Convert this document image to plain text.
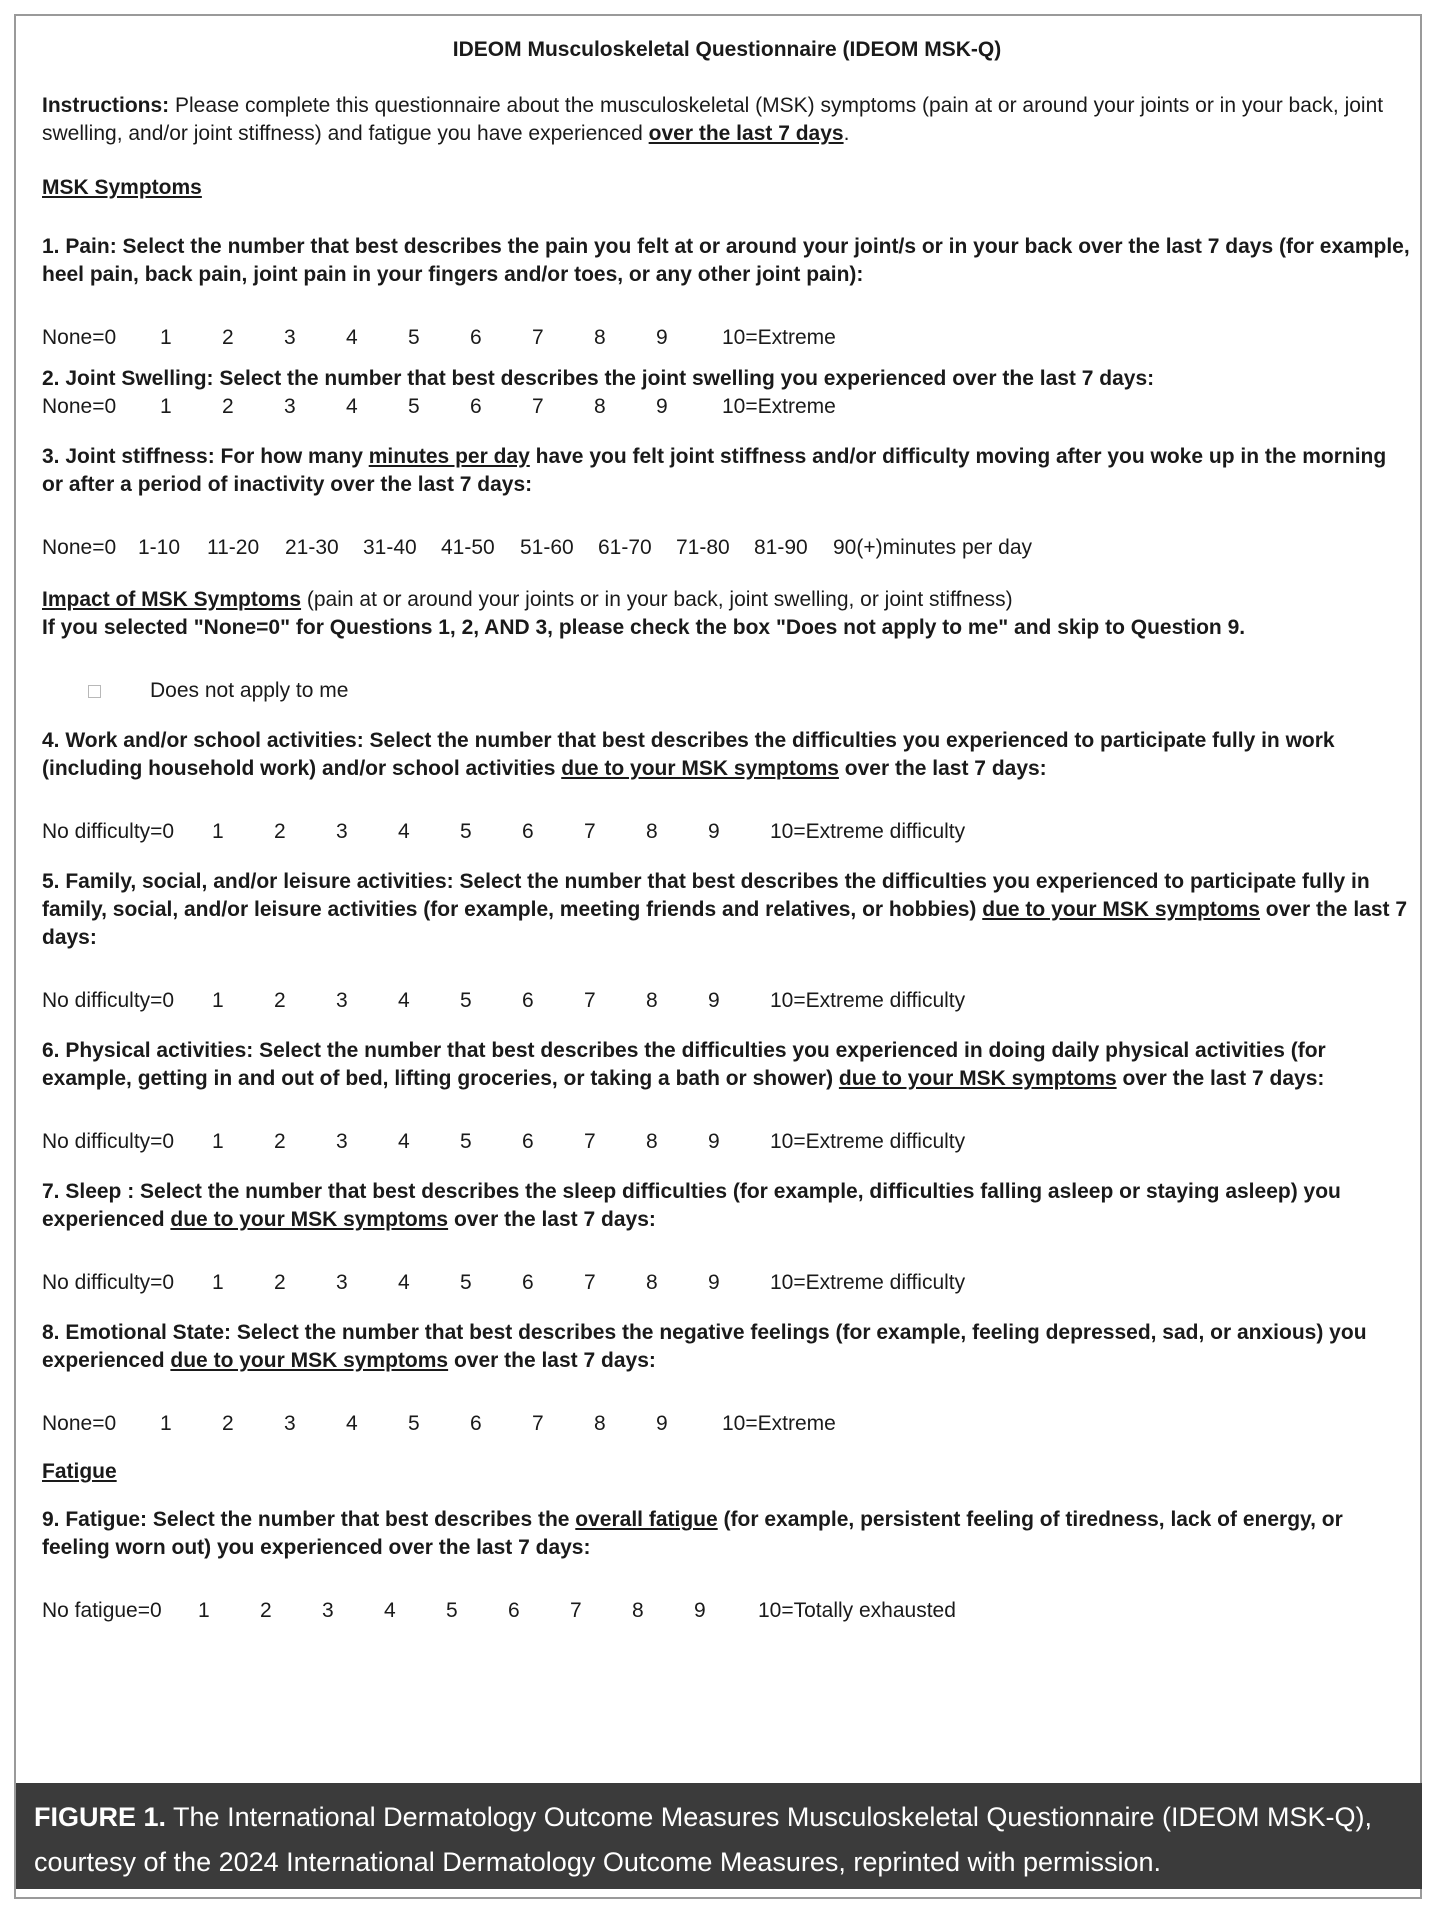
IDEOM Musculoskeletal Questionnaire (IDEOM MSK-Q)

Instructions: Please complete this questionnaire about the musculoskeletal (MSK) symptoms (pain at or around your joints or in your back, joint swelling, and/or joint stiffness) and fatigue you have experienced over the last 7 days.

MSK Symptoms

1. Pain: Select the number that best describes the pain you felt at or around your joint/s or in your back over the last 7 days (for example, heel pain, back pain, joint pain in your fingers and/or toes, or any other joint pain):

None=0 1 2 3 4 5 6 7 8 9	10=Extreme

2. Joint Swelling: Select the number that best describes the joint swelling you experienced over the last 7 days:

None=0 1 2 3 4 5 6 7 8 9	10=Extreme

3. Joint stiffness: For how many minutes per day have you felt joint stiffness and/or difficulty moving after you woke up in the morning or after a period of inactivity over the last 7 days:

None=0 1-10 11-20 21-30 31-40 41-50 51-60 61-70 71-80 81-90 90(+)minutes per day

Impact of MSK Symptoms (pain at or around your joints or in your back, joint swelling, or joint stiffness)

If you selected "None=0" for Questions 1, 2, AND 3, please check the box "Does not apply to me" and skip to Question 9.

Does not apply to me

4. Work and/or school activities: Select the number that best describes the difficulties you experienced to participate fully in work (including household work) and/or school activities due to your MSK symptoms over the last 7 days:

No difficulty=0 1 2 3 4 5 6 7 8 9 10=Extreme difficulty

5. Family, social, and/or leisure activities: Select the number that best describes the difficulties you experienced to participate fully in family, social, and/or leisure activities (for example, meeting friends and relatives, or hobbies) due to your MSK symptoms over the last 7 days:

No difficulty=0 1 2 3 4 5 6 7 8 9 10=Extreme difficulty

6. Physical activities: Select the number that best describes the difficulties you experienced in doing daily physical activities (for example, getting in and out of bed, lifting groceries, or taking a bath or shower) due to your MSK symptoms over the last 7 days:

No difficulty=0 1 2 3 4 5 6 7 8 9 10=Extreme difficulty

7. Sleep : Select the number that best describes the sleep difficulties (for example, difficulties falling asleep or staying asleep) you experienced due to your MSK symptoms over the last 7 days:

No difficulty=0 1 2 3 4 5 6 7 8 9 10=Extreme difficulty

8. Emotional State: Select the number that best describes the negative feelings (for example, feeling depressed, sad, or anxious) you experienced due to your MSK symptoms over the last 7 days:

None=0 1 2 3 4 5 6 7 8 9	10=Extreme
Fatigue

9. Fatigue: Select the number that best describes the overall fatigue (for example, persistent feeling of tiredness, lack of energy, or feeling worn out) you experienced over the last 7 days:

No fatigue=0 1 2 3 4 5 6 7 8 9 10=Totally exhausted
FIGURE 1. The International Dermatology Outcome Measures Musculoskeletal Questionnaire (IDEOM MSK-Q), courtesy of the 2024 International Dermatology Outcome Measures, reprinted with permission.
